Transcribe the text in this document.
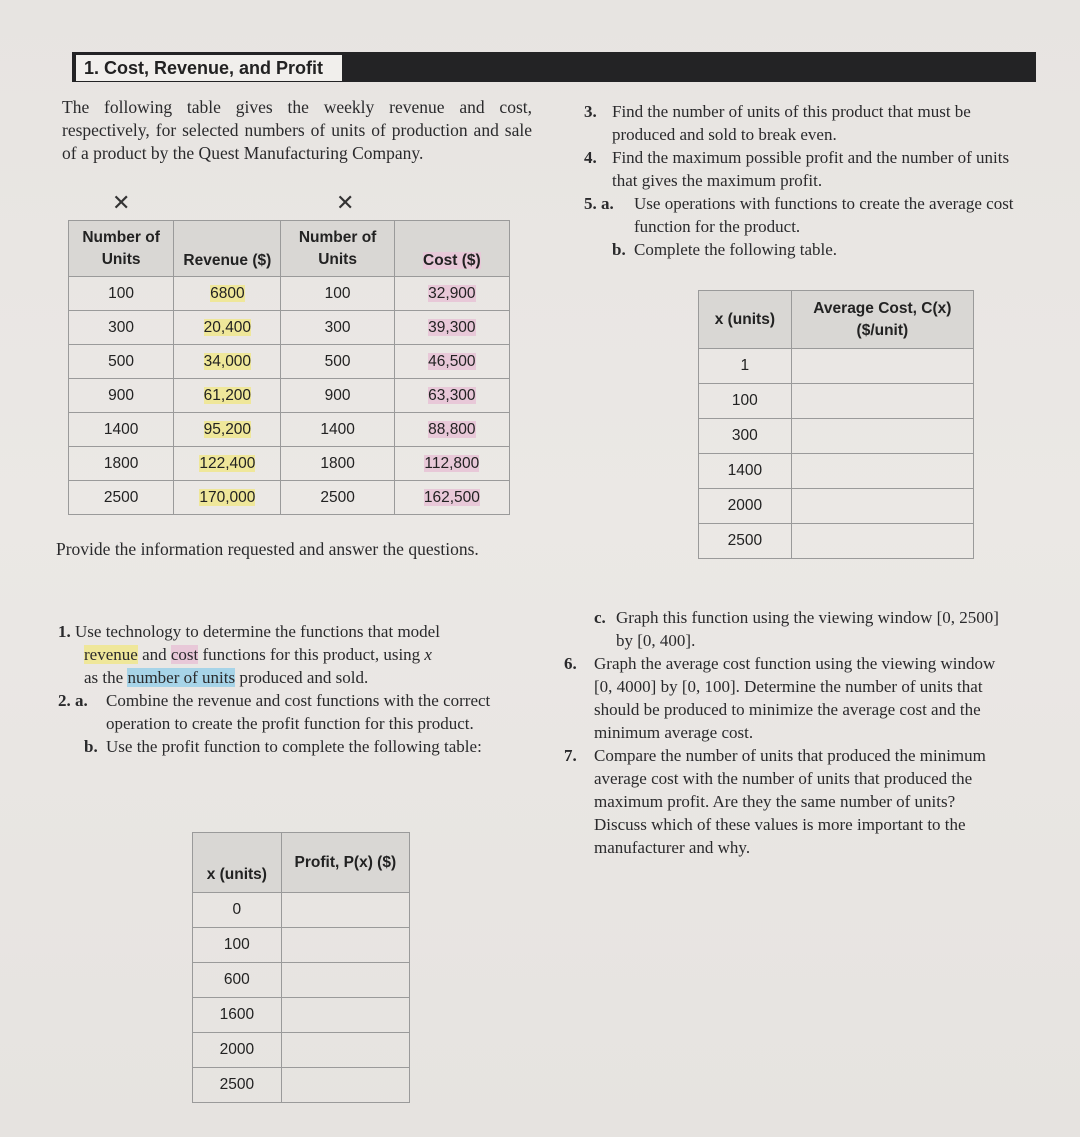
1. Cost, Revenue, and Profit
The following table gives the weekly revenue and cost, respectively, for selected numbers of units of production and sale of a product by the Quest Manufacturing Company.
✕	✕
Number of Units	Revenue ($)	Number of Units	Cost ($)
100	6800	100	32,900
300	20,400	300	39,300
500	34,000	500	46,500
900	61,200	900	63,300
1400	95,200	1400	88,800
1800	122,400	1800	112,800
2500	170,000	2500	162,500
Provide the information requested and answer the questions.
1. Use technology to determine the functions that model
revenue and cost functions for this product, using x
as the number of units produced and sold.
2. a.	Combine the revenue and cost functions with the correct operation to create the profit function for this product.
b. Use the profit function to complete the following table:
x (units)	Profit, P(x) ($)
0	
100	
600	
1600	
2000	
2500	
3. Find the number of units of this product that must be produced and sold to break even.
4. Find the maximum possible profit and the number of units that gives the maximum profit.
5. a.	Use operations with functions to create the average cost function for the product.
b. Complete the following table.
x (units)	Average Cost, C(x) ($/unit)
1	
100	
300	
1400	
2000	
2500	
c. Graph this function using the viewing window [0, 2500] by [0, 400].
6.	Graph the average cost function using the viewing window [0, 4000] by [0, 100]. Determine the number of units that should be produced to minimize the average cost and the minimum average cost.
7.	Compare the number of units that produced the minimum average cost with the number of units that produced the maximum profit. Are they the same number of units? Discuss which of these values is more important to the manufacturer and why.
